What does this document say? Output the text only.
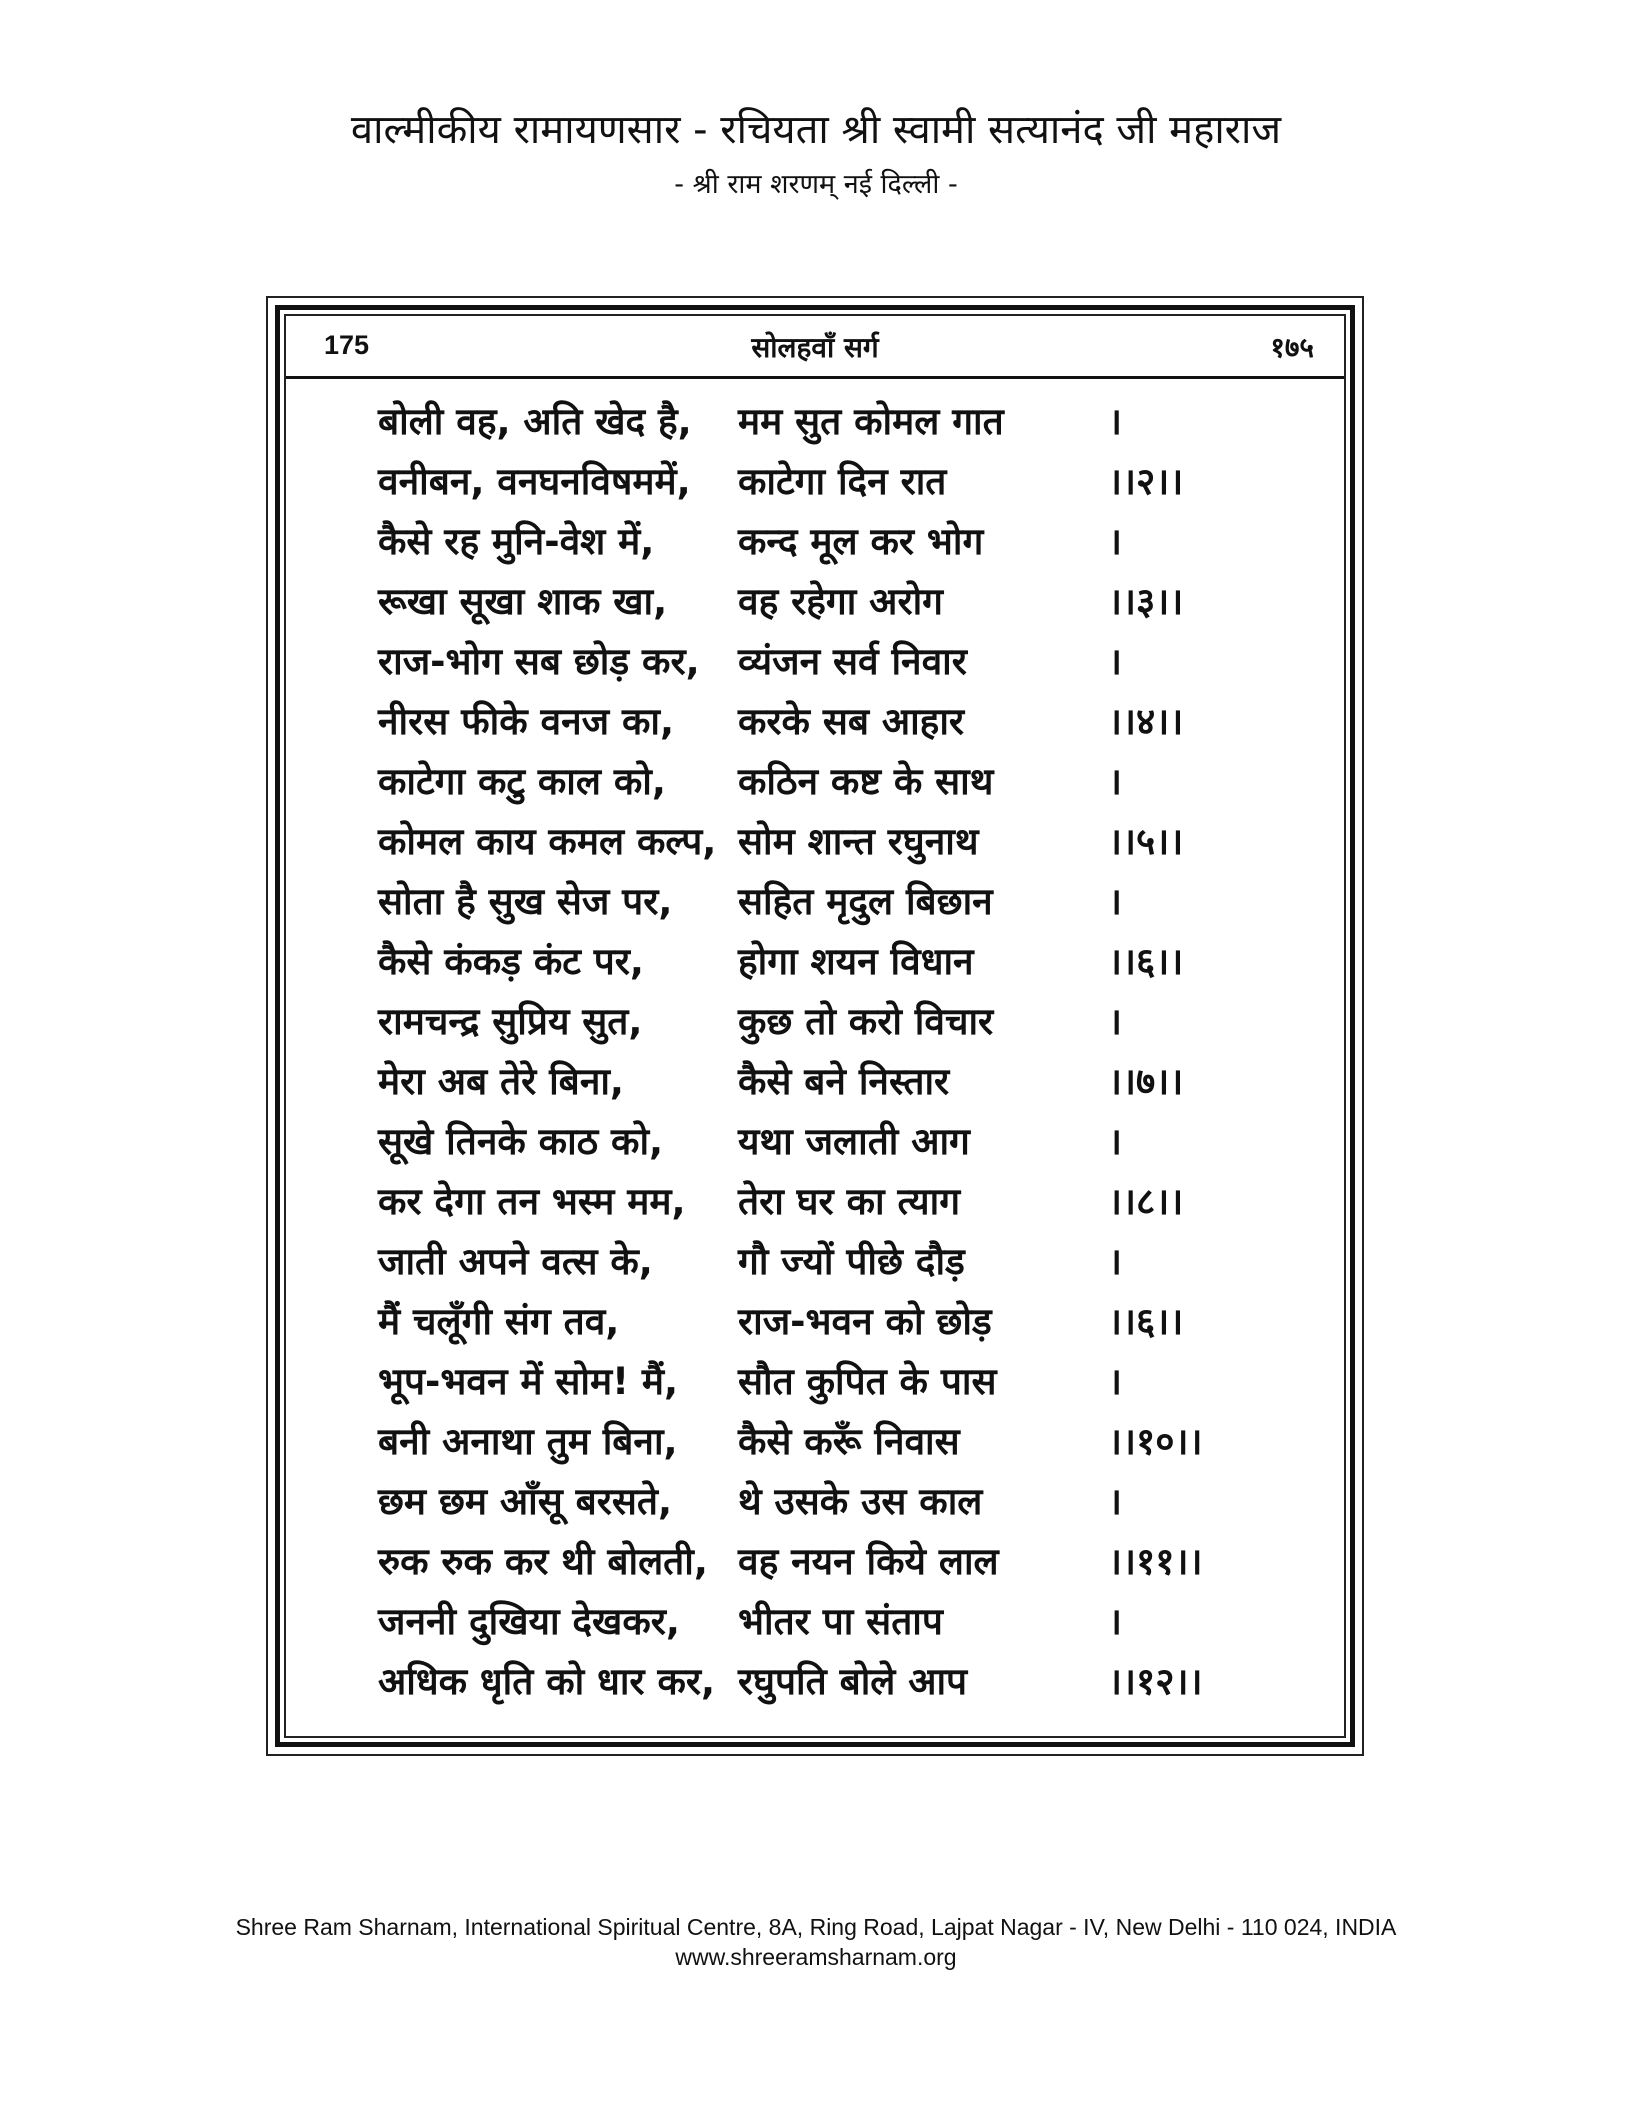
वाल्मीकीय रामायणसार - रचियता श्री स्वामी सत्यानंद जी महाराज
- श्री राम शरणम् नई दिल्ली -
175	सोलहवाँ सर्ग	१७५
बोली वह, अति खेद है, मम सुत कोमल गात	।
वनीबन, वनघनविषममें, काटेगा दिन रात	।।२।।
कैसे रह मुनि-वेश में, कन्द मूल कर भोग	।
रूखा सूखा शाक खा, वह रहेगा अरोग	।।३।।
राज-भोग सब छोड़ कर, व्यंजन सर्व निवार	।
नीरस फीके वनज का, करके सब आहार	।।४।।
काटेगा कटु काल को, कठिन कष्ट के साथ	।
कोमल काय कमल कल्प, सोम शान्त रघुनाथ	।।५।।
सोता है सुख सेज पर, सहित मृदुल बिछान	।
कैसे कंकड़ कंट पर,	होगा शयन विधान	।।६।।
रामचन्द्र सुप्रिय सुत,	कुछ तो करो विचार	।
मेरा अब तेरे बिना,	कैसे बने निस्तार	।।७।।
सूखे तिनके काठ को, यथा जलाती आग	।
कर देगा तन भस्म मम, तेरा घर का त्याग	।।८।।
जाती अपने वत्स के, गौ ज्यों पीछे दौड़	।
मैं चलूँगी संग तव,	राज-भवन को छोड़	।।६।।
भूप-भवन में सोम! मैं, सौत कुपित के पास	।
बनी अनाथा तुम बिना, कैसे करूँ निवास	।।१०।।
छम छम आँसू बरसते, थे उसके उस काल	।
रुक रुक कर थी बोलती, वह नयन किये लाल	।।११।।
जननी दुखिया देखकर, भीतर पा संताप	।
अधिक धृति को धार कर, रघुपति बोले आप	।।१२।।
Shree Ram Sharnam, International Spiritual Centre, 8A, Ring Road, Lajpat Nagar - IV, New Delhi - 110 024, INDIA
www.shreeramsharnam.org
